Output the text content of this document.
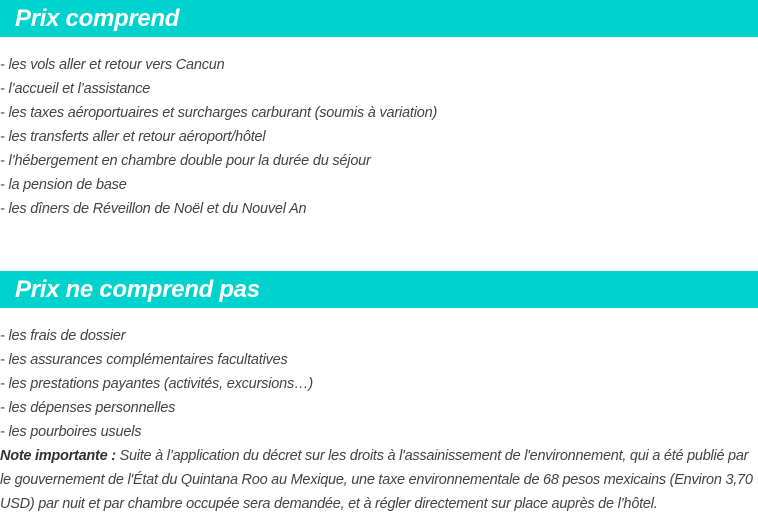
Prix comprend
- les vols aller et retour vers Cancun
- l’accueil et l’assistance
- les taxes aéroportuaires et surcharges carburant (soumis à variation)
- les transferts aller et retour aéroport/hôtel
- l’hébergement en chambre double pour la durée du séjour
- la pension de base
- les dîners de Réveillon de Noël et du Nouvel An
Prix ne comprend pas
- les frais de dossier
- les assurances complémentaires facultatives
- les prestations payantes (activités, excursions…)
- les dépenses personnelles
- les pourboires usuels

Note importante : Suite à l’application du décret sur les droits à l'assainissement de l'environnement, qui a été publié par le gouvernement de l'État du Quintana Roo au Mexique, une taxe environnementale de 68 pesos mexicains (Environ 3,70 USD) par nuit et par chambre occupée sera demandée, et à régler directement sur place auprès de l’hôtel.
